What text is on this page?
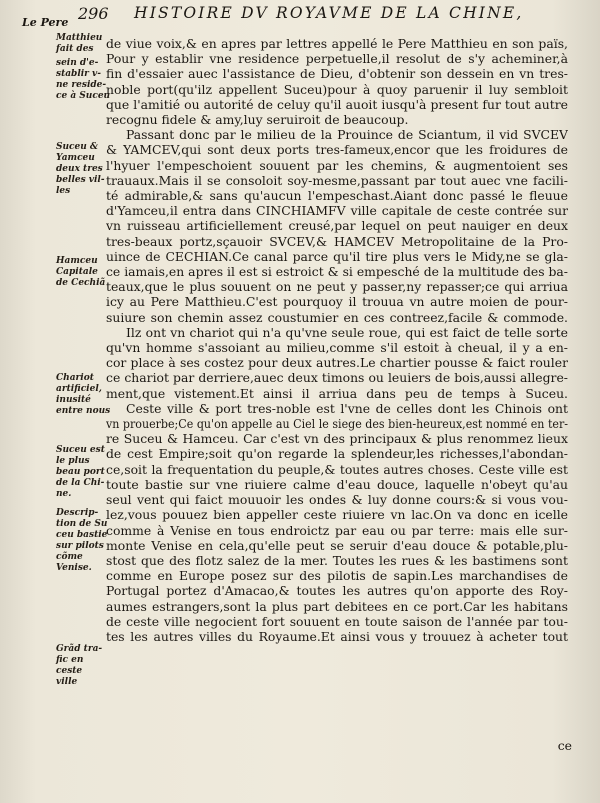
296 HISTOIRE DV ROYAVME DE LA CHINE,
Le Pere
Matthieu
fait des
sein d'e-
stablir v-
ne reside-
ce à Suceu
Suceu &
Yamceu
deux tres
belles vil-
les
Hamceu
Capitale
de Cechiã
Chariot
artificiel,
inusité
entre nous
Suceu est
le plus
beau port
de la Chi-
ne.
Descrip-
tion de Su
ceu bastie
sur pilots
cõme
Venise.
Grãd tra-
fic en ceste
ville
de viue voix,& en apres par lettres appellé le Pere Matthieu en son païs,
Pour y establir vne residence perpetuelle,il resolut de s'y acheminer,à
fin d'essaier auec l'assistance de Dieu, d'obtenir son dessein en vn tres-
noble port(qu'ilz appellent Suceu)pour à quoy paruenir il luy sembloit
que l'amitié ou autorité de celuy qu'il auoit iusqu'à present fur tout autre
recognu fidele & amy,luy seruiroit de beaucoup.
Passant donc par le milieu de la Prouince de Sciantum, il vid SVCEV
& YAMCEV,qui sont deux ports tres-fameux,encor que les froidures de
l'hyuer l'empeschoient souuent par les chemins, & augmentoient ses
trauaux.Mais il se consoloit soy-mesme,passant par tout auec vne facili-
té admirable,& sans qu'aucun l'empeschast.Aiant donc passé le fleuue
d'Yamceu,il entra dans CINCHIAMFV ville capitale de ceste contrée sur
vn ruisseau artificiellement creusé,par lequel on peut nauiger en deux
tres-beaux portz,sçauoir SVCEV,& HAMCEV Metropolitaine de la Pro-
uince de CECHIAN.Ce canal parce qu'il tire plus vers le Midy,ne se gla-
ce iamais,en apres il est si estroict & si empesché de la multitude des ba-
teaux,que le plus souuent on ne peut y passer,ny repasser;ce qui arriua
icy au Pere Matthieu.C'est pourquoy il trouua vn autre moien de pour-
suiure son chemin assez coustumier en ces contreez,facile & commode.
Ilz ont vn chariot qui n'a qu'vne seule roue, qui est faict de telle sorte
qu'vn homme s'assoiant au milieu,comme s'il estoit à cheual, il y a en-
cor place à ses costez pour deux autres.Le chartier pousse & faict rouler
ce chariot par derriere,auec deux timons ou leuiers de bois,aussi allegre-
ment,que vistement.Et ainsi il arriua dans peu de temps à Suceu.
Ceste ville & port tres-noble est l'vne de celles dont les Chinois ont
vn prouerbe;Ce qu'on appelle au Ciel le siege des bien-heureux,est nommé en ter-
re Suceu & Hamceu. Car c'est vn des principaux & plus renommez lieux
de cest Empire;soit qu'on regarde la splendeur,les richesses,l'abondan-
ce,soit la frequentation du peuple,& toutes autres choses. Ceste ville est
toute bastie sur vne riuiere calme d'eau douce, laquelle n'obeyt qu'au
seul vent qui faict mouuoir les ondes & luy donne cours:& si vous vou-
lez,vous pouuez bien appeller ceste riuiere vn lac.On va donc en icelle
comme à Venise en tous endroictz par eau ou par terre: mais elle sur-
monte Venise en cela,qu'elle peut se seruir d'eau douce & potable,plu-
stost que des flotz salez de la mer. Toutes les rues & les bastimens sont
comme en Europe posez sur des pilotis de sapin.Les marchandises de
Portugal portez d'Amacao,& toutes les autres qu'on apporte des Roy-
aumes estrangers,sont la plus part debitees en ce port.Car les habitans
de ceste ville negocient fort souuent en toute saison de l'année par tou-
tes les autres villes du Royaume.Et ainsi vous y trouuez à acheter tout
ce
